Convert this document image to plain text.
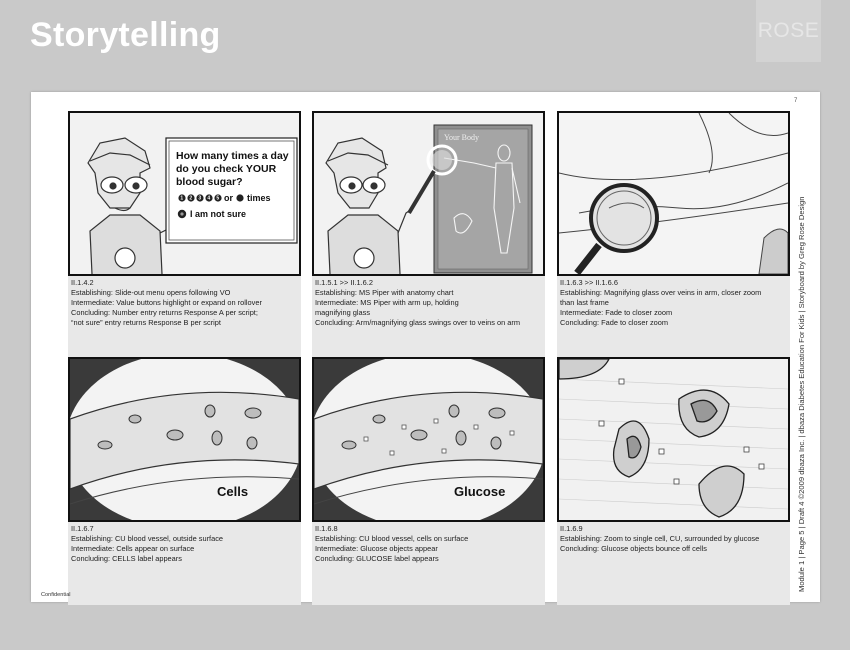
Storytelling	ROSE
7
How many times a day
do you check YOUR
blood sugar?
1 2 3 4 5 or times
I am not sure
II.1.4.2
Establishing: Slide-out menu opens following VO
Intermediate: Value buttons highlight or expand on rollover
Concluding: Number entry returns Response A per script;
“not sure” entry returns Response B per script
Your Body
II.1.5.1 >> II.1.6.2
Establishing: MS Piper with anatomy chart
Intermediate: MS Piper with arm up, holding
magnifying glass
Concluding: Arm/magnifying glass swings over to veins on arm
II.1.6.3 >> II.1.6.6
Establishing: Magnifying glass over veins in arm, closer zoom
than last frame
Intermediate: Fade to closer zoom
Concluding: Fade to closer zoom
Cells
II.1.6.7
Establishing: CU blood vessel, outside surface
Intermediate: Cells appear on surface
Concluding: CELLS label appears
Glucose
II.1.6.8
Establishing: CU blood vessel, cells on surface
Intermediate: Glucose objects appear
Concluding: GLUCOSE label appears
II.1.6.9
Establishing: Zoom to single cell, CU, surrounded by glucose
Concluding: Glucose objects bounce off cells	Module 1 | Page 5 | Draft 4 ©2009 dbaza Inc. | dbaza Diabetes Education For Kids | Storyboard by Greg Rose Design
Confidential
